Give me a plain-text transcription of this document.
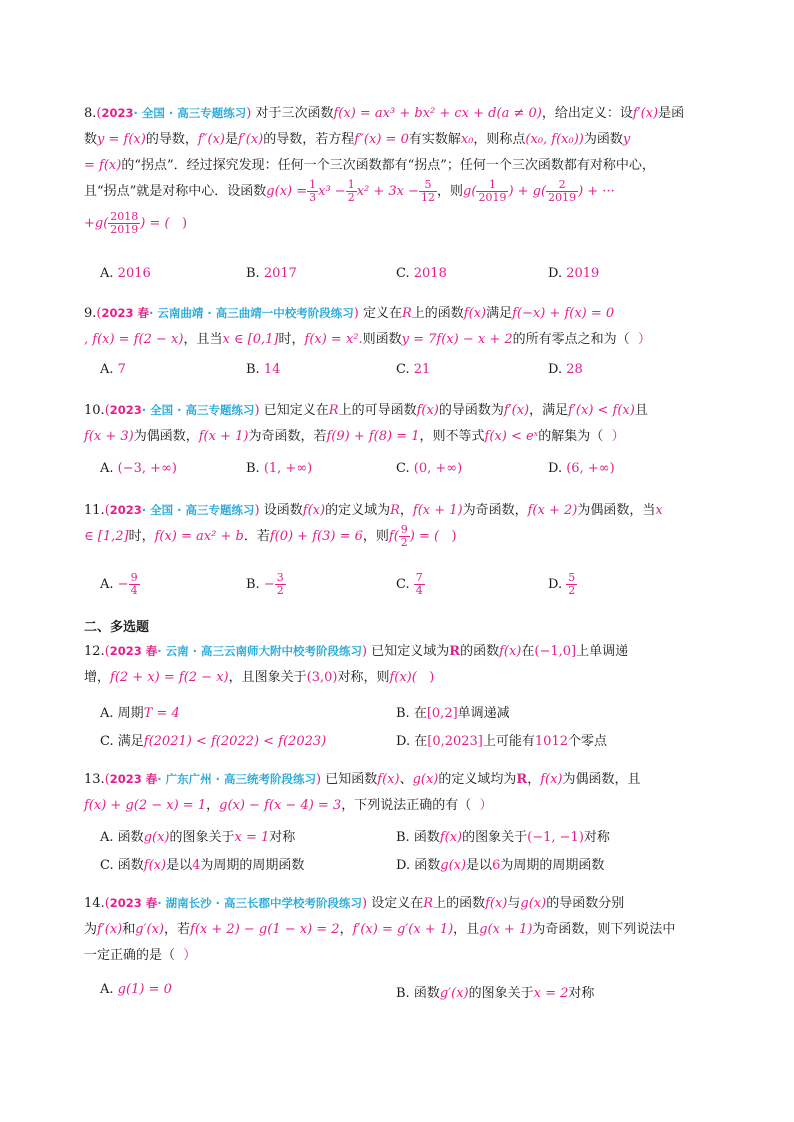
8.(2023· 全国 · 高三专题练习) 对于三次函数f(x) = ax³ + bx² + cx + d(a ≠ 0)，给出定义：设f′(x)是函
数y = f(x)的导数，f″(x)是f′(x)的导数，若方程f″(x) = 0有实数解x₀，则称点(x₀, f(x₀))为函数y
= f(x)的“拐点”．经过探究发现：任何一个三次函数都有“拐点”；任何一个三次函数都有对称中心，
且“拐点”就是对称中心．设函数$g(x) = \frac{1}{3} x^3 - \frac{1}{2} x^2 + 3x - \frac{5}{12}$ ，则$g( \frac{1}{2019}$ ) + $g( \frac{2}{2019}$ ) + ···
$+g( \frac{2018}{2019}$ ) = ( )
A. 2016	B. 2017	C. 2018	D. 2019
9.(2023 春· 云南曲靖 · 高三曲靖一中校考阶段练习) 定义在R上的函数f(x)满足f(−x) + f(x) = 0
, f(x) = f(2 − x)，且当x ∈ [0,1]时，f(x) = x².则函数y = 7f(x) − x + 2的所有零点之和为（ ）
A. 7	B. 14	C. 21	D. 28
10.(2023· 全国 · 高三专题练习) 已知定义在R上的可导函数f(x)的导函数为f′(x)，满足f′(x) < f(x)且
f(x + 3)为偶函数，f(x + 1)为奇函数，若f(9) + f(8) = 1，则不等式f(x) < eˣ的解集为（ ）
A. (−3, +∞)	B. (1, +∞)	C. (0, +∞)	D. (6, +∞)
11.(2023· 全国 · 高三专题练习) 设函数f(x)的定义域为R，f(x + 1)为奇函数，f(x + 2)为偶函数，当x
∈ [1,2]时，f(x) = ax² + b．若f(0) + f(3) = 6，则$f( \frac{9}{2}$ ) = ( )
A. − $\frac{9}{4}$	B. − $\frac{3}{2}$	C. $\frac{7}{4}$	D. $\frac{5}{2}$
二、多选题
12.(2023 春· 云南 · 高三云南师大附中校考阶段练习) 已知定义域为R的函数f(x)在(−1,0]上单调递
增，f(2 + x) = f(2 − x)，且图象关于(3,0)对称，则f(x)( )
A. 周期T = 4	B. 在[0,2]单调递减
C. 满足f(2021) < f(2022) < f(2023)	D. 在[0,2023]上可能有1012个零点
13.(2023 春· 广东广州 · 高三统考阶段练习) 已知函数f(x)、g(x)的定义域均为R，f(x)为偶函数，且
f(x) + g(2 − x) = 1，g(x) − f(x − 4) = 3，下列说法正确的有（ ）
A. 函数g(x)的图象关于x = 1对称	B. 函数f(x)的图象关于(−1, −1)对称
C. 函数f(x)是以4为周期的周期函数	D. 函数g(x)是以6为周期的周期函数
14.(2023 春· 湖南长沙 · 高三长郡中学校考阶段练习) 设定义在R上的函数f(x)与g(x)的导函数分别
为f′(x)和g′(x)，若f(x + 2) − g(1 − x) = 2，f′(x) = g′(x + 1)，且g(x + 1)为奇函数，则下列说法中
一定正确的是（ ）
A. g(1) = 0	B. 函数g′(x)的图象关于x = 2对称
